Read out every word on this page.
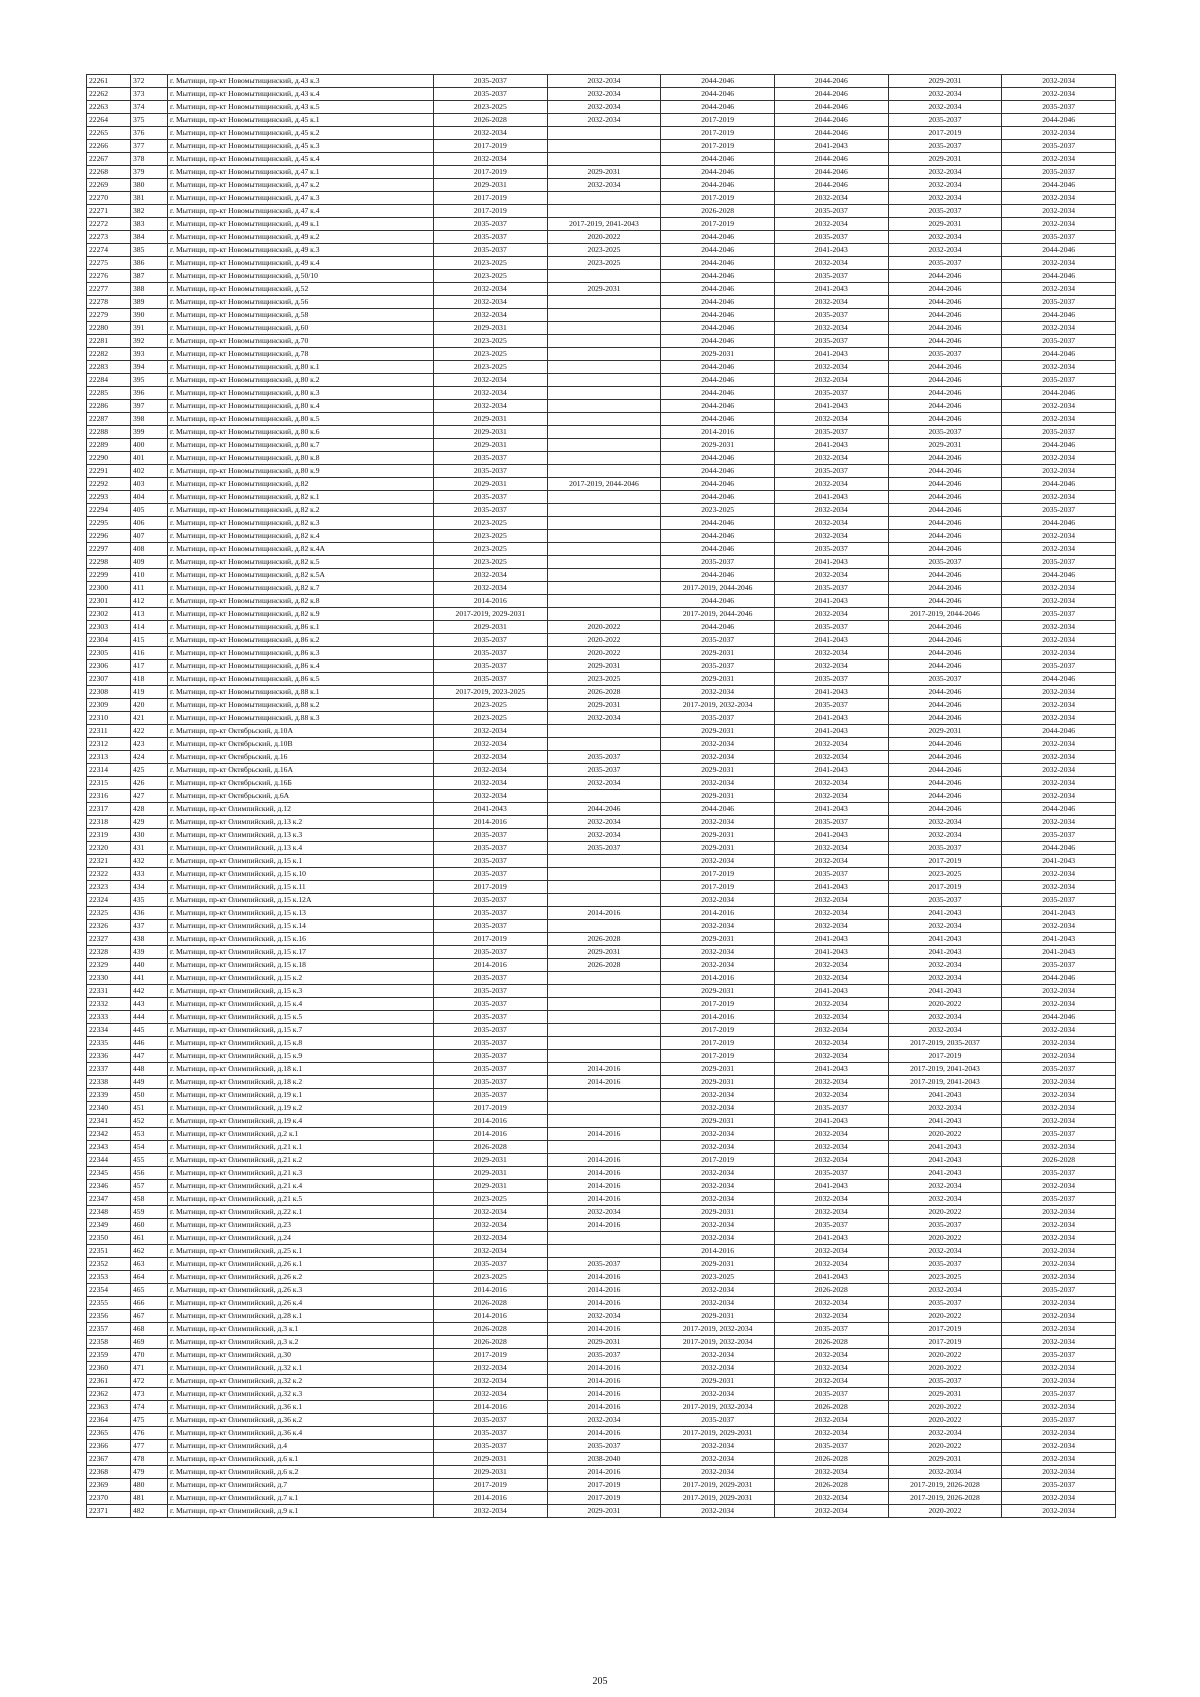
22261	372	г. Мытищи, пр-кт Новомытищинский, д.43 к.3	2035-2037	2032-2034	2044-2046	2044-2046	2029-2031	2032-2034
22262	373	г. Мытищи, пр-кт Новомытищинский, д.43 к.4	2035-2037	2032-2034	2044-2046	2044-2046	2032-2034	2032-2034
22263	374	г. Мытищи, пр-кт Новомытищинский, д.43 к.5	2023-2025	2032-2034	2044-2046	2044-2046	2032-2034	2035-2037
22264	375	г. Мытищи, пр-кт Новомытищинский, д.45 к.1	2026-2028	2032-2034	2017-2019	2044-2046	2035-2037	2044-2046
22265	376	г. Мытищи, пр-кт Новомытищинский, д.45 к.2	2032-2034		2017-2019	2044-2046	2017-2019	2032-2034
22266	377	г. Мытищи, пр-кт Новомытищинский, д.45 к.3	2017-2019		2017-2019	2041-2043	2035-2037	2035-2037
22267	378	г. Мытищи, пр-кт Новомытищинский, д.45 к.4	2032-2034		2044-2046	2044-2046	2029-2031	2032-2034
22268	379	г. Мытищи, пр-кт Новомытищинский, д.47 к.1	2017-2019	2029-2031	2044-2046	2044-2046	2032-2034	2035-2037
22269	380	г. Мытищи, пр-кт Новомытищинский, д.47 к.2	2029-2031	2032-2034	2044-2046	2044-2046	2032-2034	2044-2046
22270	381	г. Мытищи, пр-кт Новомытищинский, д.47 к.3	2017-2019		2017-2019	2032-2034	2032-2034	2032-2034
22271	382	г. Мытищи, пр-кт Новомытищинский, д.47 к.4	2017-2019		2026-2028	2035-2037	2035-2037	2032-2034
22272	383	г. Мытищи, пр-кт Новомытищинский, д.49 к.1	2035-2037	2017-2019, 2041-2043	2017-2019	2032-2034	2029-2031	2032-2034
22273	384	г. Мытищи, пр-кт Новомытищинский, д.49 к.2	2035-2037	2020-2022	2044-2046	2035-2037	2032-2034	2035-2037
22274	385	г. Мытищи, пр-кт Новомытищинский, д.49 к.3	2035-2037	2023-2025	2044-2046	2041-2043	2032-2034	2044-2046
22275	386	г. Мытищи, пр-кт Новомытищинский, д.49 к.4	2023-2025	2023-2025	2044-2046	2032-2034	2035-2037	2032-2034
22276	387	г. Мытищи, пр-кт Новомытищинский, д.50/10	2023-2025		2044-2046	2035-2037	2044-2046	2044-2046
22277	388	г. Мытищи, пр-кт Новомытищинский, д.52	2032-2034	2029-2031	2044-2046	2041-2043	2044-2046	2032-2034
22278	389	г. Мытищи, пр-кт Новомытищинский, д.56	2032-2034		2044-2046	2032-2034	2044-2046	2035-2037
22279	390	г. Мытищи, пр-кт Новомытищинский, д.58	2032-2034		2044-2046	2035-2037	2044-2046	2044-2046
22280	391	г. Мытищи, пр-кт Новомытищинский, д.60	2029-2031		2044-2046	2032-2034	2044-2046	2032-2034
22281	392	г. Мытищи, пр-кт Новомытищинский, д.70	2023-2025		2044-2046	2035-2037	2044-2046	2035-2037
22282	393	г. Мытищи, пр-кт Новомытищинский, д.78	2023-2025		2029-2031	2041-2043	2035-2037	2044-2046
22283	394	г. Мытищи, пр-кт Новомытищинский, д.80 к.1	2023-2025		2044-2046	2032-2034	2044-2046	2032-2034
22284	395	г. Мытищи, пр-кт Новомытищинский, д.80 к.2	2032-2034		2044-2046	2032-2034	2044-2046	2035-2037
22285	396	г. Мытищи, пр-кт Новомытищинский, д.80 к.3	2032-2034		2044-2046	2035-2037	2044-2046	2044-2046
22286	397	г. Мытищи, пр-кт Новомытищинский, д.80 к.4	2032-2034		2044-2046	2041-2043	2044-2046	2032-2034
22287	398	г. Мытищи, пр-кт Новомытищинский, д.80 к.5	2029-2031		2044-2046	2032-2034	2044-2046	2032-2034
22288	399	г. Мытищи, пр-кт Новомытищинский, д.80 к.6	2029-2031		2014-2016	2035-2037	2035-2037	2035-2037
22289	400	г. Мытищи, пр-кт Новомытищинский, д.80 к.7	2029-2031		2029-2031	2041-2043	2029-2031	2044-2046
22290	401	г. Мытищи, пр-кт Новомытищинский, д.80 к.8	2035-2037		2044-2046	2032-2034	2044-2046	2032-2034
22291	402	г. Мытищи, пр-кт Новомытищинский, д.80 к.9	2035-2037		2044-2046	2035-2037	2044-2046	2032-2034
22292	403	г. Мытищи, пр-кт Новомытищинский, д.82	2029-2031	2017-2019, 2044-2046	2044-2046	2032-2034	2044-2046	2044-2046
22293	404	г. Мытищи, пр-кт Новомытищинский, д.82 к.1	2035-2037		2044-2046	2041-2043	2044-2046	2032-2034
22294	405	г. Мытищи, пр-кт Новомытищинский, д.82 к.2	2035-2037		2023-2025	2032-2034	2044-2046	2035-2037
22295	406	г. Мытищи, пр-кт Новомытищинский, д.82 к.3	2023-2025		2044-2046	2032-2034	2044-2046	2044-2046
22296	407	г. Мытищи, пр-кт Новомытищинский, д.82 к.4	2023-2025		2044-2046	2032-2034	2044-2046	2032-2034
22297	408	г. Мытищи, пр-кт Новомытищинский, д.82 к.4А	2023-2025		2044-2046	2035-2037	2044-2046	2032-2034
22298	409	г. Мытищи, пр-кт Новомытищинский, д.82 к.5	2023-2025		2035-2037	2041-2043	2035-2037	2035-2037
22299	410	г. Мытищи, пр-кт Новомытищинский, д.82 к.5А	2032-2034		2044-2046	2032-2034	2044-2046	2044-2046
22300	411	г. Мытищи, пр-кт Новомытищинский, д.82 к.7	2032-2034		2017-2019, 2044-2046	2035-2037	2044-2046	2032-2034
22301	412	г. Мытищи, пр-кт Новомытищинский, д.82 к.8	2014-2016		2044-2046	2041-2043	2044-2046	2032-2034
22302	413	г. Мытищи, пр-кт Новомытищинский, д.82 к.9	2017-2019, 2029-2031		2017-2019, 2044-2046	2032-2034	2017-2019, 2044-2046	2035-2037
22303	414	г. Мытищи, пр-кт Новомытищинский, д.86 к.1	2029-2031	2020-2022	2044-2046	2035-2037	2044-2046	2032-2034
22304	415	г. Мытищи, пр-кт Новомытищинский, д.86 к.2	2035-2037	2020-2022	2035-2037	2041-2043	2044-2046	2032-2034
22305	416	г. Мытищи, пр-кт Новомытищинский, д.86 к.3	2035-2037	2020-2022	2029-2031	2032-2034	2044-2046	2032-2034
22306	417	г. Мытищи, пр-кт Новомытищинский, д.86 к.4	2035-2037	2029-2031	2035-2037	2032-2034	2044-2046	2035-2037
22307	418	г. Мытищи, пр-кт Новомытищинский, д.86 к.5	2035-2037	2023-2025	2029-2031	2035-2037	2035-2037	2044-2046
22308	419	г. Мытищи, пр-кт Новомытищинский, д.88 к.1	2017-2019, 2023-2025	2026-2028	2032-2034	2041-2043	2044-2046	2032-2034
22309	420	г. Мытищи, пр-кт Новомытищинский, д.88 к.2	2023-2025	2029-2031	2017-2019, 2032-2034	2035-2037	2044-2046	2032-2034
22310	421	г. Мытищи, пр-кт Новомытищинский, д.88 к.3	2023-2025	2032-2034	2035-2037	2041-2043	2044-2046	2032-2034
22311	422	г. Мытищи, пр-кт Октябрьский, д.10А	2032-2034		2029-2031	2041-2043	2029-2031	2044-2046
22312	423	г. Мытищи, пр-кт Октябрьский, д.10В	2032-2034		2032-2034	2032-2034	2044-2046	2032-2034
22313	424	г. Мытищи, пр-кт Октябрьский, д.16	2032-2034	2035-2037	2032-2034	2032-2034	2044-2046	2032-2034
22314	425	г. Мытищи, пр-кт Октябрьский, д.16А	2032-2034	2035-2037	2029-2031	2041-2043	2044-2046	2032-2034
22315	426	г. Мытищи, пр-кт Октябрьский, д.16Б	2032-2034	2032-2034	2032-2034	2032-2034	2044-2046	2032-2034
22316	427	г. Мытищи, пр-кт Октябрьский, д.6А	2032-2034		2029-2031	2032-2034	2044-2046	2032-2034
22317	428	г. Мытищи, пр-кт Олимпийский, д.12	2041-2043	2044-2046	2044-2046	2041-2043	2044-2046	2044-2046
22318	429	г. Мытищи, пр-кт Олимпийский, д.13 к.2	2014-2016	2032-2034	2032-2034	2035-2037	2032-2034	2032-2034
22319	430	г. Мытищи, пр-кт Олимпийский, д.13 к.3	2035-2037	2032-2034	2029-2031	2041-2043	2032-2034	2035-2037
22320	431	г. Мытищи, пр-кт Олимпийский, д.13 к.4	2035-2037	2035-2037	2029-2031	2032-2034	2035-2037	2044-2046
22321	432	г. Мытищи, пр-кт Олимпийский, д.15 к.1	2035-2037		2032-2034	2032-2034	2017-2019	2041-2043
22322	433	г. Мытищи, пр-кт Олимпийский, д.15 к.10	2035-2037		2017-2019	2035-2037	2023-2025	2032-2034
22323	434	г. Мытищи, пр-кт Олимпийский, д.15 к.11	2017-2019		2017-2019	2041-2043	2017-2019	2032-2034
22324	435	г. Мытищи, пр-кт Олимпийский, д.15 к.12А	2035-2037		2032-2034	2032-2034	2035-2037	2035-2037
22325	436	г. Мытищи, пр-кт Олимпийский, д.15 к.13	2035-2037	2014-2016	2014-2016	2032-2034	2041-2043	2041-2043
22326	437	г. Мытищи, пр-кт Олимпийский, д.15 к.14	2035-2037		2032-2034	2032-2034	2032-2034	2032-2034
22327	438	г. Мытищи, пр-кт Олимпийский, д.15 к.16	2017-2019	2026-2028	2029-2031	2041-2043	2041-2043	2041-2043
22328	439	г. Мытищи, пр-кт Олимпийский, д.15 к.17	2035-2037	2029-2031	2032-2034	2041-2043	2041-2043	2041-2043
22329	440	г. Мытищи, пр-кт Олимпийский, д.15 к.18	2014-2016	2026-2028	2032-2034	2032-2034	2032-2034	2035-2037
22330	441	г. Мытищи, пр-кт Олимпийский, д.15 к.2	2035-2037		2014-2016	2032-2034	2032-2034	2044-2046
22331	442	г. Мытищи, пр-кт Олимпийский, д.15 к.3	2035-2037		2029-2031	2041-2043	2041-2043	2032-2034
22332	443	г. Мытищи, пр-кт Олимпийский, д.15 к.4	2035-2037		2017-2019	2032-2034	2020-2022	2032-2034
22333	444	г. Мытищи, пр-кт Олимпийский, д.15 к.5	2035-2037		2014-2016	2032-2034	2032-2034	2044-2046
22334	445	г. Мытищи, пр-кт Олимпийский, д.15 к.7	2035-2037		2017-2019	2032-2034	2032-2034	2032-2034
22335	446	г. Мытищи, пр-кт Олимпийский, д.15 к.8	2035-2037		2017-2019	2032-2034	2017-2019, 2035-2037	2032-2034
22336	447	г. Мытищи, пр-кт Олимпийский, д.15 к.9	2035-2037		2017-2019	2032-2034	2017-2019	2032-2034
22337	448	г. Мытищи, пр-кт Олимпийский, д.18 к.1	2035-2037	2014-2016	2029-2031	2041-2043	2017-2019, 2041-2043	2035-2037
22338	449	г. Мытищи, пр-кт Олимпийский, д.18 к.2	2035-2037	2014-2016	2029-2031	2032-2034	2017-2019, 2041-2043	2032-2034
22339	450	г. Мытищи, пр-кт Олимпийский, д.19 к.1	2035-2037		2032-2034	2032-2034	2041-2043	2032-2034
22340	451	г. Мытищи, пр-кт Олимпийский, д.19 к.2	2017-2019		2032-2034	2035-2037	2032-2034	2032-2034
22341	452	г. Мытищи, пр-кт Олимпийский, д.19 к.4	2014-2016		2029-2031	2041-2043	2041-2043	2032-2034
22342	453	г. Мытищи, пр-кт Олимпийский, д.2 к.1	2014-2016	2014-2016	2032-2034	2032-2034	2020-2022	2035-2037
22343	454	г. Мытищи, пр-кт Олимпийский, д.21 к.1	2026-2028		2032-2034	2032-2034	2041-2043	2032-2034
22344	455	г. Мытищи, пр-кт Олимпийский, д.21 к.2	2029-2031	2014-2016	2017-2019	2032-2034	2041-2043	2026-2028
22345	456	г. Мытищи, пр-кт Олимпийский, д.21 к.3	2029-2031	2014-2016	2032-2034	2035-2037	2041-2043	2035-2037
22346	457	г. Мытищи, пр-кт Олимпийский, д.21 к.4	2029-2031	2014-2016	2032-2034	2041-2043	2032-2034	2032-2034
22347	458	г. Мытищи, пр-кт Олимпийский, д.21 к.5	2023-2025	2014-2016	2032-2034	2032-2034	2032-2034	2035-2037
22348	459	г. Мытищи, пр-кт Олимпийский, д.22 к.1	2032-2034	2032-2034	2029-2031	2032-2034	2020-2022	2032-2034
22349	460	г. Мытищи, пр-кт Олимпийский, д.23	2032-2034	2014-2016	2032-2034	2035-2037	2035-2037	2032-2034
22350	461	г. Мытищи, пр-кт Олимпийский, д.24	2032-2034		2032-2034	2041-2043	2020-2022	2032-2034
22351	462	г. Мытищи, пр-кт Олимпийский, д.25 к.1	2032-2034		2014-2016	2032-2034	2032-2034	2032-2034
22352	463	г. Мытищи, пр-кт Олимпийский, д.26 к.1	2035-2037	2035-2037	2029-2031	2032-2034	2035-2037	2032-2034
22353	464	г. Мытищи, пр-кт Олимпийский, д.26 к.2	2023-2025	2014-2016	2023-2025	2041-2043	2023-2025	2032-2034
22354	465	г. Мытищи, пр-кт Олимпийский, д.26 к.3	2014-2016	2014-2016	2032-2034	2026-2028	2032-2034	2035-2037
22355	466	г. Мытищи, пр-кт Олимпийский, д.26 к.4	2026-2028	2014-2016	2032-2034	2032-2034	2035-2037	2032-2034
22356	467	г. Мытищи, пр-кт Олимпийский, д.28 к.1	2014-2016	2032-2034	2029-2031	2032-2034	2020-2022	2032-2034
22357	468	г. Мытищи, пр-кт Олимпийский, д.3 к.1	2026-2028	2014-2016	2017-2019, 2032-2034	2035-2037	2017-2019	2032-2034
22358	469	г. Мытищи, пр-кт Олимпийский, д.3 к.2	2026-2028	2029-2031	2017-2019, 2032-2034	2026-2028	2017-2019	2032-2034
22359	470	г. Мытищи, пр-кт Олимпийский, д.30	2017-2019	2035-2037	2032-2034	2032-2034	2020-2022	2035-2037
22360	471	г. Мытищи, пр-кт Олимпийский, д.32 к.1	2032-2034	2014-2016	2032-2034	2032-2034	2020-2022	2032-2034
22361	472	г. Мытищи, пр-кт Олимпийский, д.32 к.2	2032-2034	2014-2016	2029-2031	2032-2034	2035-2037	2032-2034
22362	473	г. Мытищи, пр-кт Олимпийский, д.32 к.3	2032-2034	2014-2016	2032-2034	2035-2037	2029-2031	2035-2037
22363	474	г. Мытищи, пр-кт Олимпийский, д.36 к.1	2014-2016	2014-2016	2017-2019, 2032-2034	2026-2028	2020-2022	2032-2034
22364	475	г. Мытищи, пр-кт Олимпийский, д.36 к.2	2035-2037	2032-2034	2035-2037	2032-2034	2020-2022	2035-2037
22365	476	г. Мытищи, пр-кт Олимпийский, д.36 к.4	2035-2037	2014-2016	2017-2019, 2029-2031	2032-2034	2032-2034	2032-2034
22366	477	г. Мытищи, пр-кт Олимпийский, д.4	2035-2037	2035-2037	2032-2034	2035-2037	2020-2022	2032-2034
22367	478	г. Мытищи, пр-кт Олимпийский, д.6 к.1	2029-2031	2038-2040	2032-2034	2026-2028	2029-2031	2032-2034
22368	479	г. Мытищи, пр-кт Олимпийский, д.6 к.2	2029-2031	2014-2016	2032-2034	2032-2034	2032-2034	2032-2034
22369	480	г. Мытищи, пр-кт Олимпийский, д.7	2017-2019	2017-2019	2017-2019, 2029-2031	2026-2028	2017-2019, 2026-2028	2035-2037
22370	481	г. Мытищи, пр-кт Олимпийский, д.7 к.1	2014-2016	2017-2019	2017-2019, 2029-2031	2032-2034	2017-2019, 2026-2028	2032-2034
22371	482	г. Мытищи, пр-кт Олимпийский, д.9 к.1	2032-2034	2029-2031	2032-2034	2032-2034	2020-2022	2032-2034
205
